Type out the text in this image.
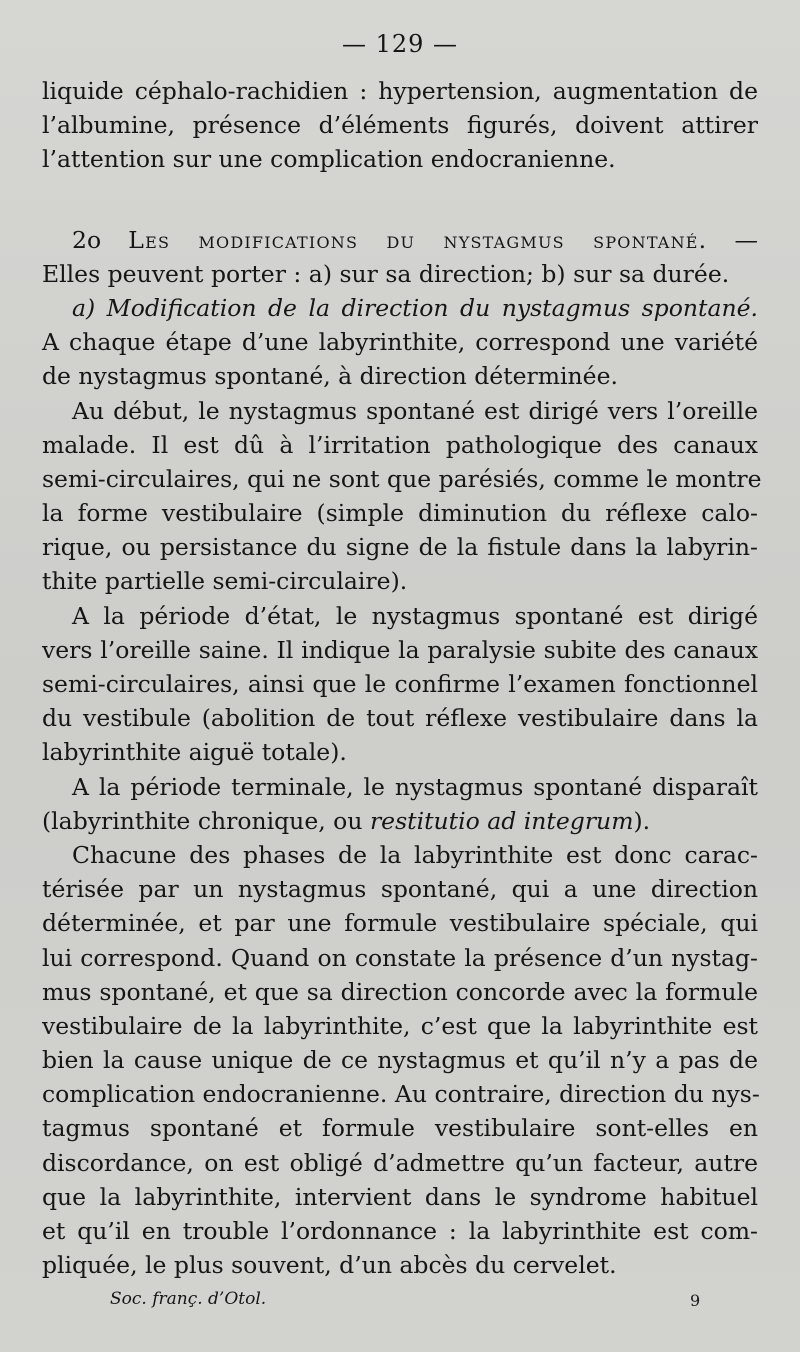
— 129 —
liquide céphalo-rachidien : hypertension, augmentation de
l’albumine, présence d’éléments figurés, doivent attirer
l’attention sur une complication endocranienne.
2o Les modifications du nystagmus spontané. —
Elles peuvent porter : a) sur sa direction; b) sur sa durée.
a) Modification de la direction du nystagmus spontané.
A chaque étape d’une labyrinthite, correspond une variété
de nystagmus spontané, à direction déterminée.
Au début, le nystagmus spontané est dirigé vers l’oreille
malade. Il est dû à l’irritation pathologique des canaux
semi-circulaires, qui ne sont que parésiés, comme le montre
la forme vestibulaire (simple diminution du réflexe calo-
rique, ou persistance du signe de la fistule dans la labyrin-
thite partielle semi-circulaire).
A la période d’état, le nystagmus spontané est dirigé
vers l’oreille saine. Il indique la paralysie subite des canaux
semi-circulaires, ainsi que le confirme l’examen fonctionnel
du vestibule (abolition de tout réflexe vestibulaire dans la
labyrinthite aiguë totale).
A la période terminale, le nystagmus spontané disparaît
(labyrinthite chronique, ou restitutio ad integrum).
Chacune des phases de la labyrinthite est donc carac-
térisée par un nystagmus spontané, qui a une direction
déterminée, et par une formule vestibulaire spéciale, qui
lui correspond. Quand on constate la présence d’un nystag-
mus spontané, et que sa direction concorde avec la formule
vestibulaire de la labyrinthite, c’est que la labyrinthite est
bien la cause unique de ce nystagmus et qu’il n’y a pas de
complication endocranienne. Au contraire, direction du nys-
tagmus spontané et formule vestibulaire sont-elles en
discordance, on est obligé d’admettre qu’un facteur, autre
que la labyrinthite, intervient dans le syndrome habituel
et qu’il en trouble l’ordonnance : la labyrinthite est com-
pliquée, le plus souvent, d’un abcès du cervelet.
Soc. franç. d’Otol.	9
